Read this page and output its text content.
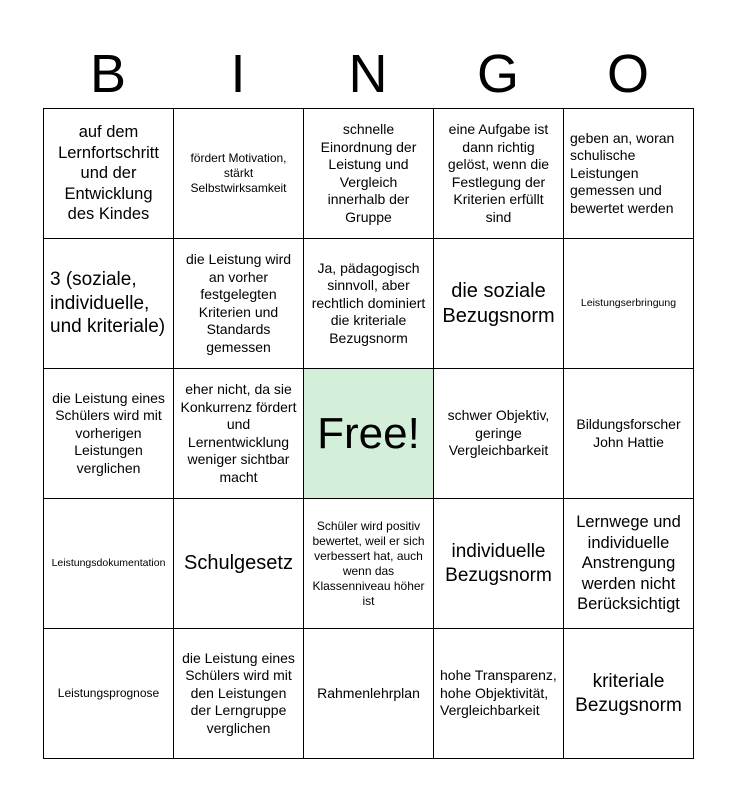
B	I	N	G	O
auf dem Lernfortschritt und der Entwicklung des Kindes	fördert Motivation, stärkt Selbstwirksamkeit	schnelle Einordnung der Leistung und Vergleich innerhalb der Gruppe	eine Aufgabe ist dann richtig gelöst, wenn die Festlegung der Kriterien erfüllt sind	geben an, woran schulische Leistungen gemessen und bewertet werden
3 (soziale, individuelle, und kriteriale)	die Leistung wird an vorher festgelegten Kriterien und Standards gemessen	Ja, pädagogisch sinnvoll, aber rechtlich dominiert die kriteriale Bezugsnorm	die soziale Bezugsnorm	Leistungserbringung
die Leistung eines Schülers wird mit vorherigen Leistungen verglichen	eher nicht, da sie Konkurrenz fördert und Lernentwicklung weniger sichtbar macht	Free!	schwer Objektiv, geringe Vergleichbarkeit	Bildungsforscher John Hattie
Leistungsdokumentation	Schulgesetz	Schüler wird positiv bewertet, weil er sich verbessert hat, auch wenn das Klassenniveau höher ist	individuelle Bezugsnorm	Lernwege und individuelle Anstrengung werden nicht Berücksichtigt
Leistungsprognose	die Leistung eines Schülers wird mit den Leistungen der Lerngruppe verglichen	Rahmenlehrplan	hohe Transparenz, hohe Objektivität, Vergleichbarkeit	kriteriale Bezugsnorm
